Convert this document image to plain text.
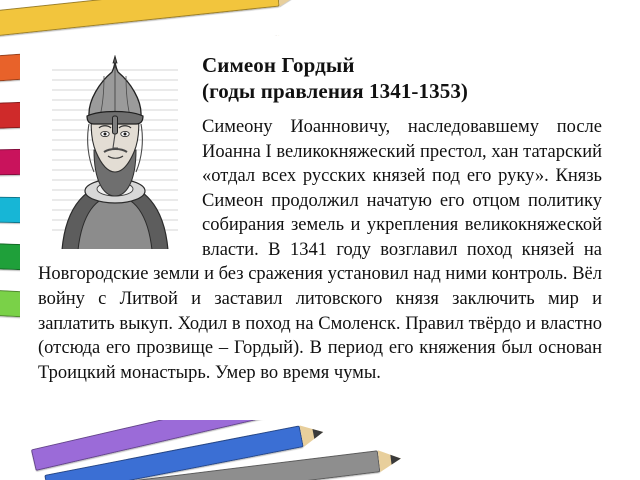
Симеон Гордый
(годы правления 1341-1353)

Симеону Иоанновичу, наследовавшему после Иоанна I великокняжеский престол, хан татарский «отдал всех русских князей под его руку». Князь Симеон продолжил начатую его отцом политику собирания земель и укрепления великокняжеской власти. В 1341 году возглавил поход князей на Новгородские земли и без сражения установил над ними контроль. Вёл войну с Литвой и заставил литовского князя заключить мир и заплатить выкуп. Ходил в поход на Смоленск. Правил твёрдо и властно (отсюда его прозвище – Гордый). В период его княжения был основан Троицкий монастырь. Умер во время чумы.
